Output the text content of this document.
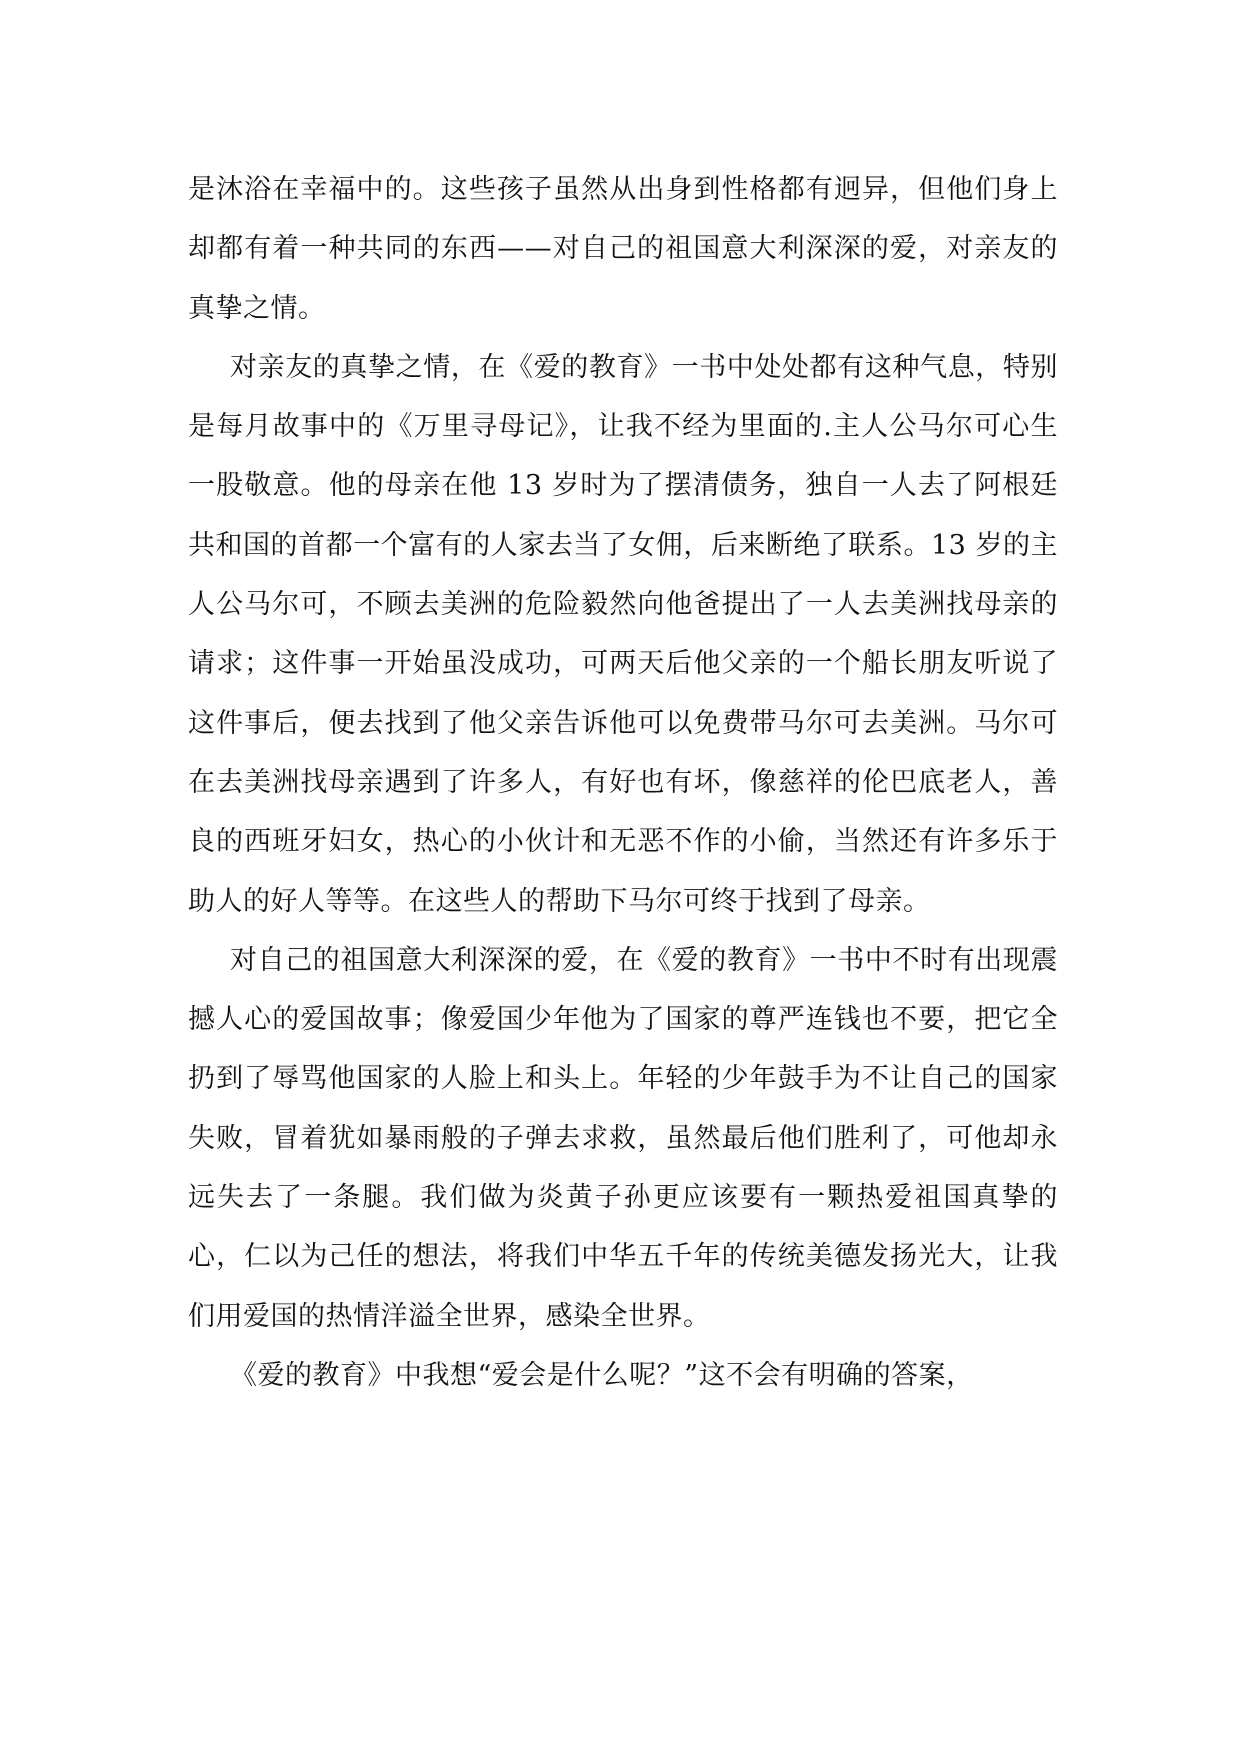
是沐浴在幸福中的。这些孩子虽然从出身到性格都有迥异，但他们身上却都有着一种共同的东西——对自己的祖国意大利深深的爱，对亲友的真挚之情。

对亲友的真挚之情，在《爱的教育》一书中处处都有这种气息，特别是每月故事中的《万里寻母记》，让我不经为里面的.主人公马尔可心生一股敬意。他的母亲在他 13 岁时为了摆清债务，独自一人去了阿根廷共和国的首都一个富有的人家去当了女佣，后来断绝了联系。13 岁的主人公马尔可，不顾去美洲的危险毅然向他爸提出了一人去美洲找母亲的请求；这件事一开始虽没成功，可两天后他父亲的一个船长朋友听说了这件事后，便去找到了他父亲告诉他可以免费带马尔可去美洲。马尔可在去美洲找母亲遇到了许多人，有好也有坏，像慈祥的伦巴底老人，善良的西班牙妇女，热心的小伙计和无恶不作的小偷，当然还有许多乐于助人的好人等等。在这些人的帮助下马尔可终于找到了母亲。

对自己的祖国意大利深深的爱，在《爱的教育》一书中不时有出现震撼人心的爱国故事；像爱国少年他为了国家的尊严连钱也不要，把它全扔到了辱骂他国家的人脸上和头上。年轻的少年鼓手为不让自己的国家失败，冒着犹如暴雨般的子弹去求救，虽然最后他们胜利了，可他却永远失去了一条腿。我们做为炎黄子孙更应该要有一颗热爱祖国真挚的心，仁以为己任的想法，将我们中华五千年的传统美德发扬光大，让我们用爱国的热情洋溢全世界，感染全世界。

《爱的教育》中我想“爱会是什么呢？”这不会有明确的答案，
